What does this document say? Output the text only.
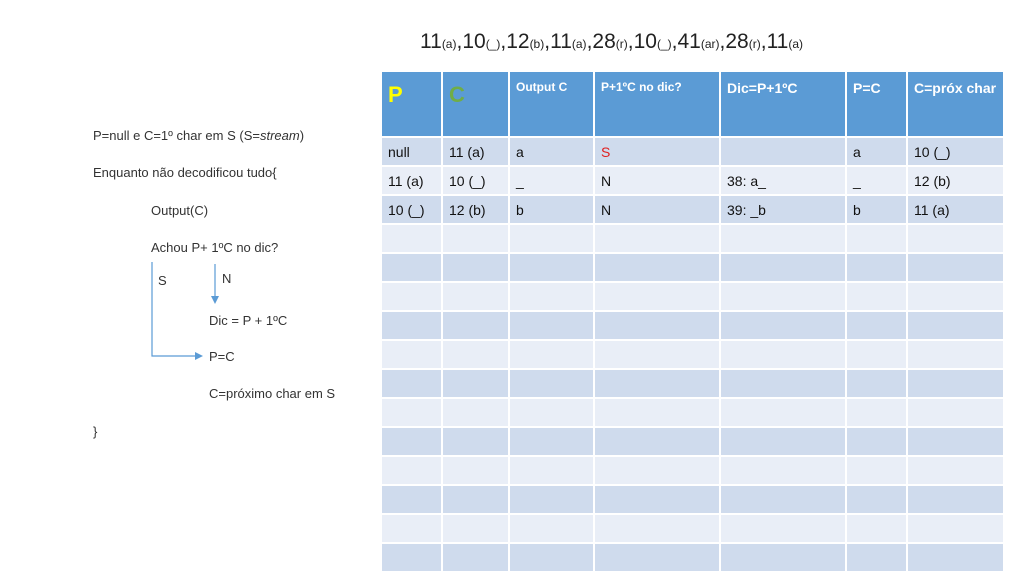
11(a),10(_),12(b),11(a),28(r),10(_),41(ar),28(r),11(a)
P=null e C=1º char em S (S=stream)
Enquanto não decodificou tudo{
Output(C)
Achou P+ 1ºC no dic?
S	N
Dic = P + 1ºC
P=C
C=próximo char em S
}
P	C	Output C	P+1ºC no dic?	Dic=P+1ºC	P=C	C=próx char
null	11 (a)	a	S		a	10 (_)
11 (a)	10 (_)	_	N	38: a_	_	12 (b)
10 (_)	12 (b)	b	N	39: _b	b	11 (a)
